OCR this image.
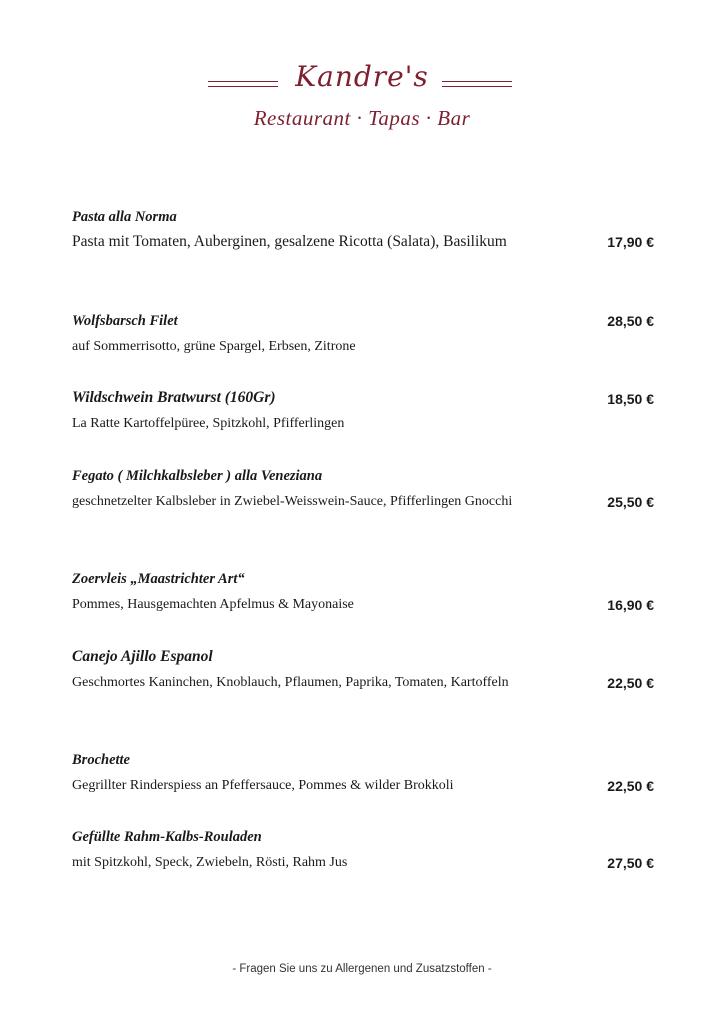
Kandre's
Restaurant · Tapas · Bar
Pasta alla Norma
Pasta mit Tomaten, Auberginen, gesalzene Ricotta (Salata), Basilikum	17,90 €
Wolfsbarsch Filet
auf Sommerrisotto, grüne Spargel, Erbsen, Zitrone
28,50 €
Wildschwein Bratwurst (160Gr)
La Ratte Kartoffelpüree, Spitzkohl, Pfifferlingen
18,50 €
Fegato ( Milchkalbsleber ) alla Veneziana
geschnetzelter Kalbsleber in Zwiebel-Weisswein-Sauce, Pfifferlingen Gnocchi	25,50 €
Zoervleis „Maastrichter Art“
Pommes, Hausgemachten Apfelmus & Mayonaise	16,90 €
Canejo Ajillo Espanol
Geschmortes Kaninchen, Knoblauch, Pflaumen, Paprika, Tomaten, Kartoffeln	22,50 €
Brochette
Gegrillter Rinderspiess an Pfeffersauce, Pommes & wilder Brokkoli	22,50 €
Gefüllte Rahm-Kalbs-Rouladen
mit Spitzkohl, Speck, Zwiebeln, Rösti, Rahm Jus	27,50 €
- Fragen Sie uns zu Allergenen und Zusatzstoffen -
